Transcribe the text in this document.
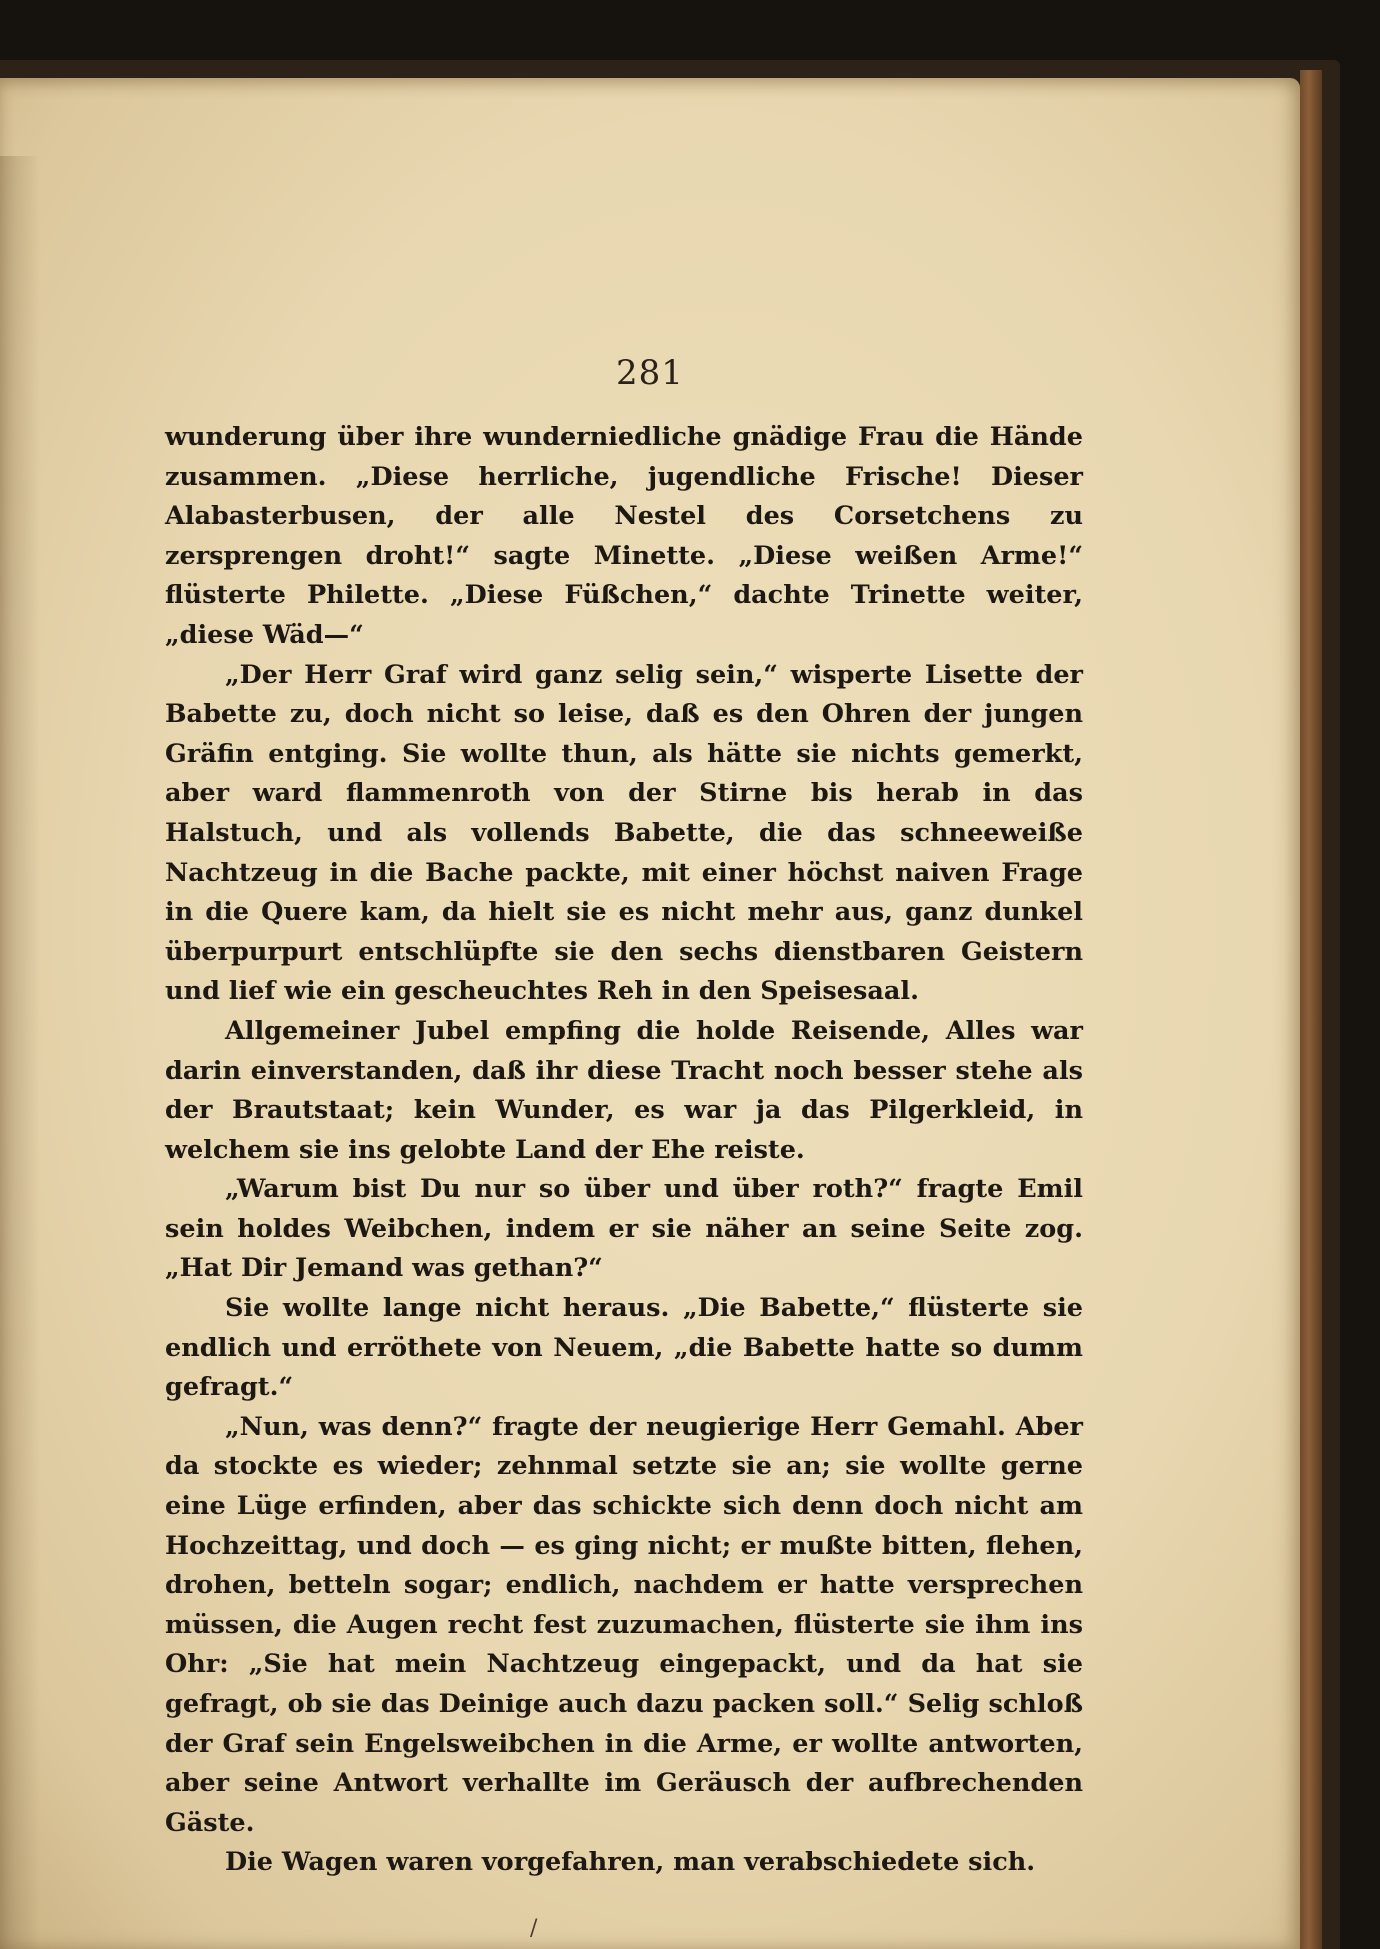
281

wunderung über ihre wunderniedliche gnädige Frau die Hände zusammen. „Diese herrliche, jugendliche Frische! Dieser Alabasterbusen, der alle Nestel des Corsetchens zu zersprengen droht!“ sagte Minette. „Diese weißen Arme!“ flüsterte Philette. „Diese Füßchen,“ dachte Trinette weiter, „diese Wäd—“

„Der Herr Graf wird ganz selig sein,“ wisperte Lisette der Babette zu, doch nicht so leise, daß es den Ohren der jungen Gräfin entging. Sie wollte thun, als hätte sie nichts gemerkt, aber ward flammenroth von der Stirne bis herab in das Halstuch, und als vollends Babette, die das schneeweiße Nachtzeug in die Bache packte, mit einer höchst naiven Frage in die Quere kam, da hielt sie es nicht mehr aus, ganz dunkel überpurpurt entschlüpfte sie den sechs dienstbaren Geistern und lief wie ein gescheuchtes Reh in den Speisesaal.

Allgemeiner Jubel empfing die holde Reisende, Alles war darin einverstanden, daß ihr diese Tracht noch besser stehe als der Brautstaat; kein Wunder, es war ja das Pilgerkleid, in welchem sie ins gelobte Land der Ehe reiste.

„Warum bist Du nur so über und über roth?“ fragte Emil sein holdes Weibchen, indem er sie näher an seine Seite zog. „Hat Dir Jemand was gethan?“

Sie wollte lange nicht heraus. „Die Babette,“ flüsterte sie endlich und erröthete von Neuem, „die Babette hatte so dumm gefragt.“

„Nun, was denn?“ fragte der neugierige Herr Gemahl. Aber da stockte es wieder; zehnmal setzte sie an; sie wollte gerne eine Lüge erfinden, aber das schickte sich denn doch nicht am Hochzeittag, und doch — es ging nicht; er mußte bitten, flehen, drohen, betteln sogar; endlich, nachdem er hatte versprechen müssen, die Augen recht fest zuzumachen, flüsterte sie ihm ins Ohr: „Sie hat mein Nachtzeug eingepackt, und da hat sie gefragt, ob sie das Deinige auch dazu packen soll.“ Selig schloß der Graf sein Engelsweibchen in die Arme, er wollte antworten, aber seine Antwort verhallte im Geräusch der aufbrechenden Gäste.

Die Wagen waren vorgefahren, man verabschiedete sich.

/
